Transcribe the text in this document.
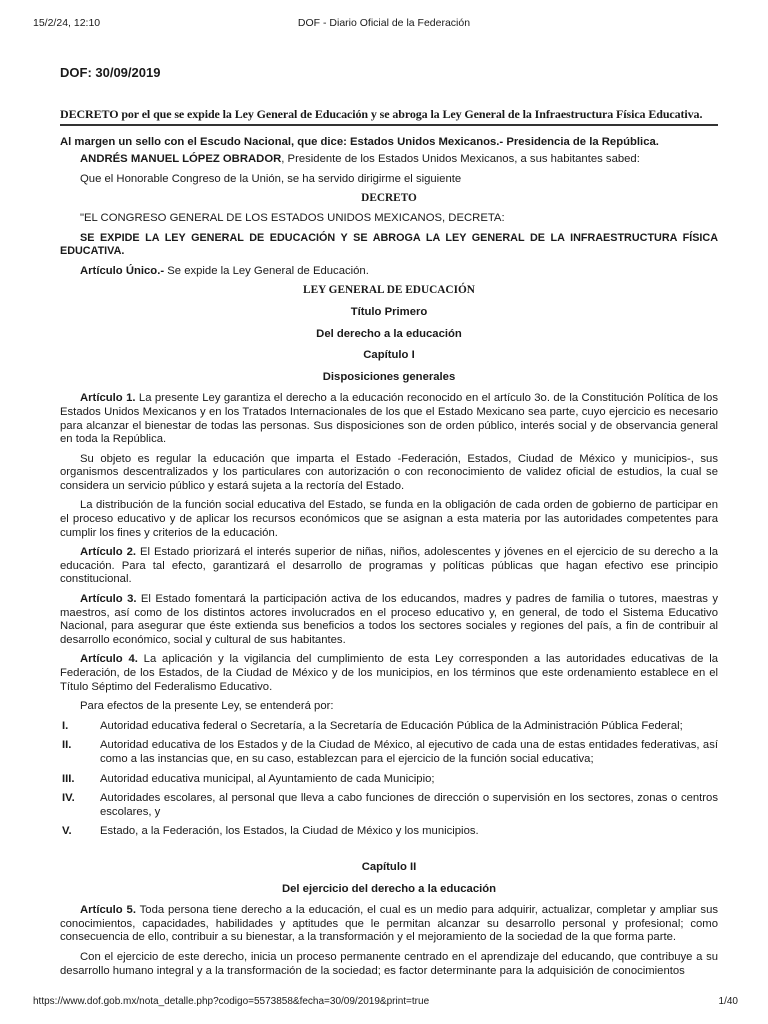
15/2/24, 12:10	DOF - Diario Oficial de la Federación

DOF: 30/09/2019

DECRETO por el que se expide la Ley General de Educación y se abroga la Ley General de la Infraestructura Física Educativa.

Al margen un sello con el Escudo Nacional, que dice: Estados Unidos Mexicanos.- Presidencia de la República.

ANDRÉS MANUEL LÓPEZ OBRADOR, Presidente de los Estados Unidos Mexicanos, a sus habitantes sabed:

Que el Honorable Congreso de la Unión, se ha servido dirigirme el siguiente

DECRETO

"EL CONGRESO GENERAL DE LOS ESTADOS UNIDOS MEXICANOS, DECRETA:

SE EXPIDE LA LEY GENERAL DE EDUCACIÓN Y SE ABROGA LA LEY GENERAL DE LA INFRAESTRUCTURA FÍSICA EDUCATIVA.

Artículo Único.- Se expide la Ley General de Educación.

LEY GENERAL DE EDUCACIÓN

Título Primero

Del derecho a la educación

Capítulo I

Disposiciones generales

Artículo 1. La presente Ley garantiza el derecho a la educación reconocido en el artículo 3o. de la Constitución Política de los Estados Unidos Mexicanos y en los Tratados Internacionales de los que el Estado Mexicano sea parte, cuyo ejercicio es necesario para alcanzar el bienestar de todas las personas. Sus disposiciones son de orden público, interés social y de observancia general en toda la República.

Su objeto es regular la educación que imparta el Estado -Federación, Estados, Ciudad de México y municipios-, sus organismos descentralizados y los particulares con autorización o con reconocimiento de validez oficial de estudios, la cual se considera un servicio público y estará sujeta a la rectoría del Estado.

La distribución de la función social educativa del Estado, se funda en la obligación de cada orden de gobierno de participar en el proceso educativo y de aplicar los recursos económicos que se asignan a esta materia por las autoridades competentes para cumplir los fines y criterios de la educación.

Artículo 2. El Estado priorizará el interés superior de niñas, niños, adolescentes y jóvenes en el ejercicio de su derecho a la educación. Para tal efecto, garantizará el desarrollo de programas y políticas públicas que hagan efectivo ese principio constitucional.

Artículo 3. El Estado fomentará la participación activa de los educandos, madres y padres de familia o tutores, maestras y maestros, así como de los distintos actores involucrados en el proceso educativo y, en general, de todo el Sistema Educativo Nacional, para asegurar que éste extienda sus beneficios a todos los sectores sociales y regiones del país, a fin de contribuir al desarrollo económico, social y cultural de sus habitantes.

Artículo 4. La aplicación y la vigilancia del cumplimiento de esta Ley corresponden a las autoridades educativas de la Federación, de los Estados, de la Ciudad de México y de los municipios, en los términos que este ordenamiento establece en el Título Séptimo del Federalismo Educativo.

Para efectos de la presente Ley, se entenderá por:

I.	Autoridad educativa federal o Secretaría, a la Secretaría de Educación Pública de la Administración Pública Federal;
II.	Autoridad educativa de los Estados y de la Ciudad de México, al ejecutivo de cada una de estas entidades federativas, así como a las instancias que, en su caso, establezcan para el ejercicio de la función social educativa;
III.	Autoridad educativa municipal, al Ayuntamiento de cada Municipio;
IV.	Autoridades escolares, al personal que lleva a cabo funciones de dirección o supervisión en los sectores, zonas o centros escolares, y
V.	Estado, a la Federación, los Estados, la Ciudad de México y los municipios.

Capítulo II

Del ejercicio del derecho a la educación

Artículo 5. Toda persona tiene derecho a la educación, el cual es un medio para adquirir, actualizar, completar y ampliar sus conocimientos, capacidades, habilidades y aptitudes que le permitan alcanzar su desarrollo personal y profesional; como consecuencia de ello, contribuir a su bienestar, a la transformación y el mejoramiento de la sociedad de la que forma parte.

Con el ejercicio de este derecho, inicia un proceso permanente centrado en el aprendizaje del educando, que contribuye a su desarrollo humano integral y a la transformación de la sociedad; es factor determinante para la adquisición de conocimientos

https://www.dof.gob.mx/nota_detalle.php?codigo=5573858&fecha=30/09/2019&print=true	1/40
